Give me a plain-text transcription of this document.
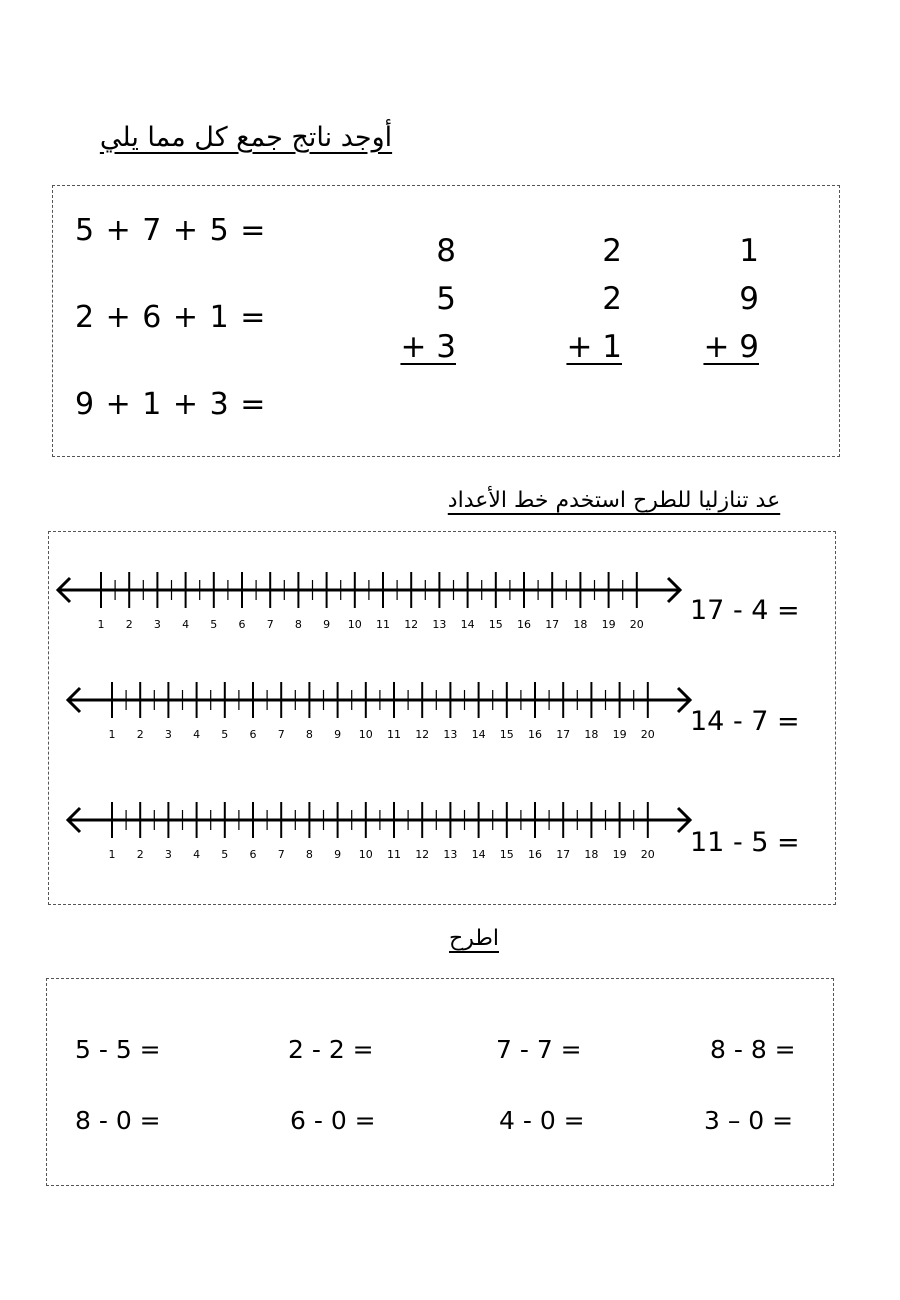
أوجد ناتج جمع كل مما يلي
5 + 7 + 5 =
2 + 6 + 1 =
9 + 1 + 3 =
8
5
+ 3
2
2
+ 1
1
9
+ 9
عد تنازليا للطرح استخدم خط الأعداد
1 2 3 4 5 6 7 8 9 10 11 12 13 14 15 16 17 18 19 20
1 2 3 4 5 6 7 8 9 10 11 12 13 14 15 16 17 18 19 20
1 2 3 4 5 6 7 8 9 10 11 12 13 14 15 16 17 18 19 20
17 - 4 =
14 - 7 =
11 - 5 =
اطرح
5 - 5 =	2 - 2 =	7 - 7 =	8 - 8 =
8 - 0 =	6 - 0 =	4 - 0 =	3 – 0 =
